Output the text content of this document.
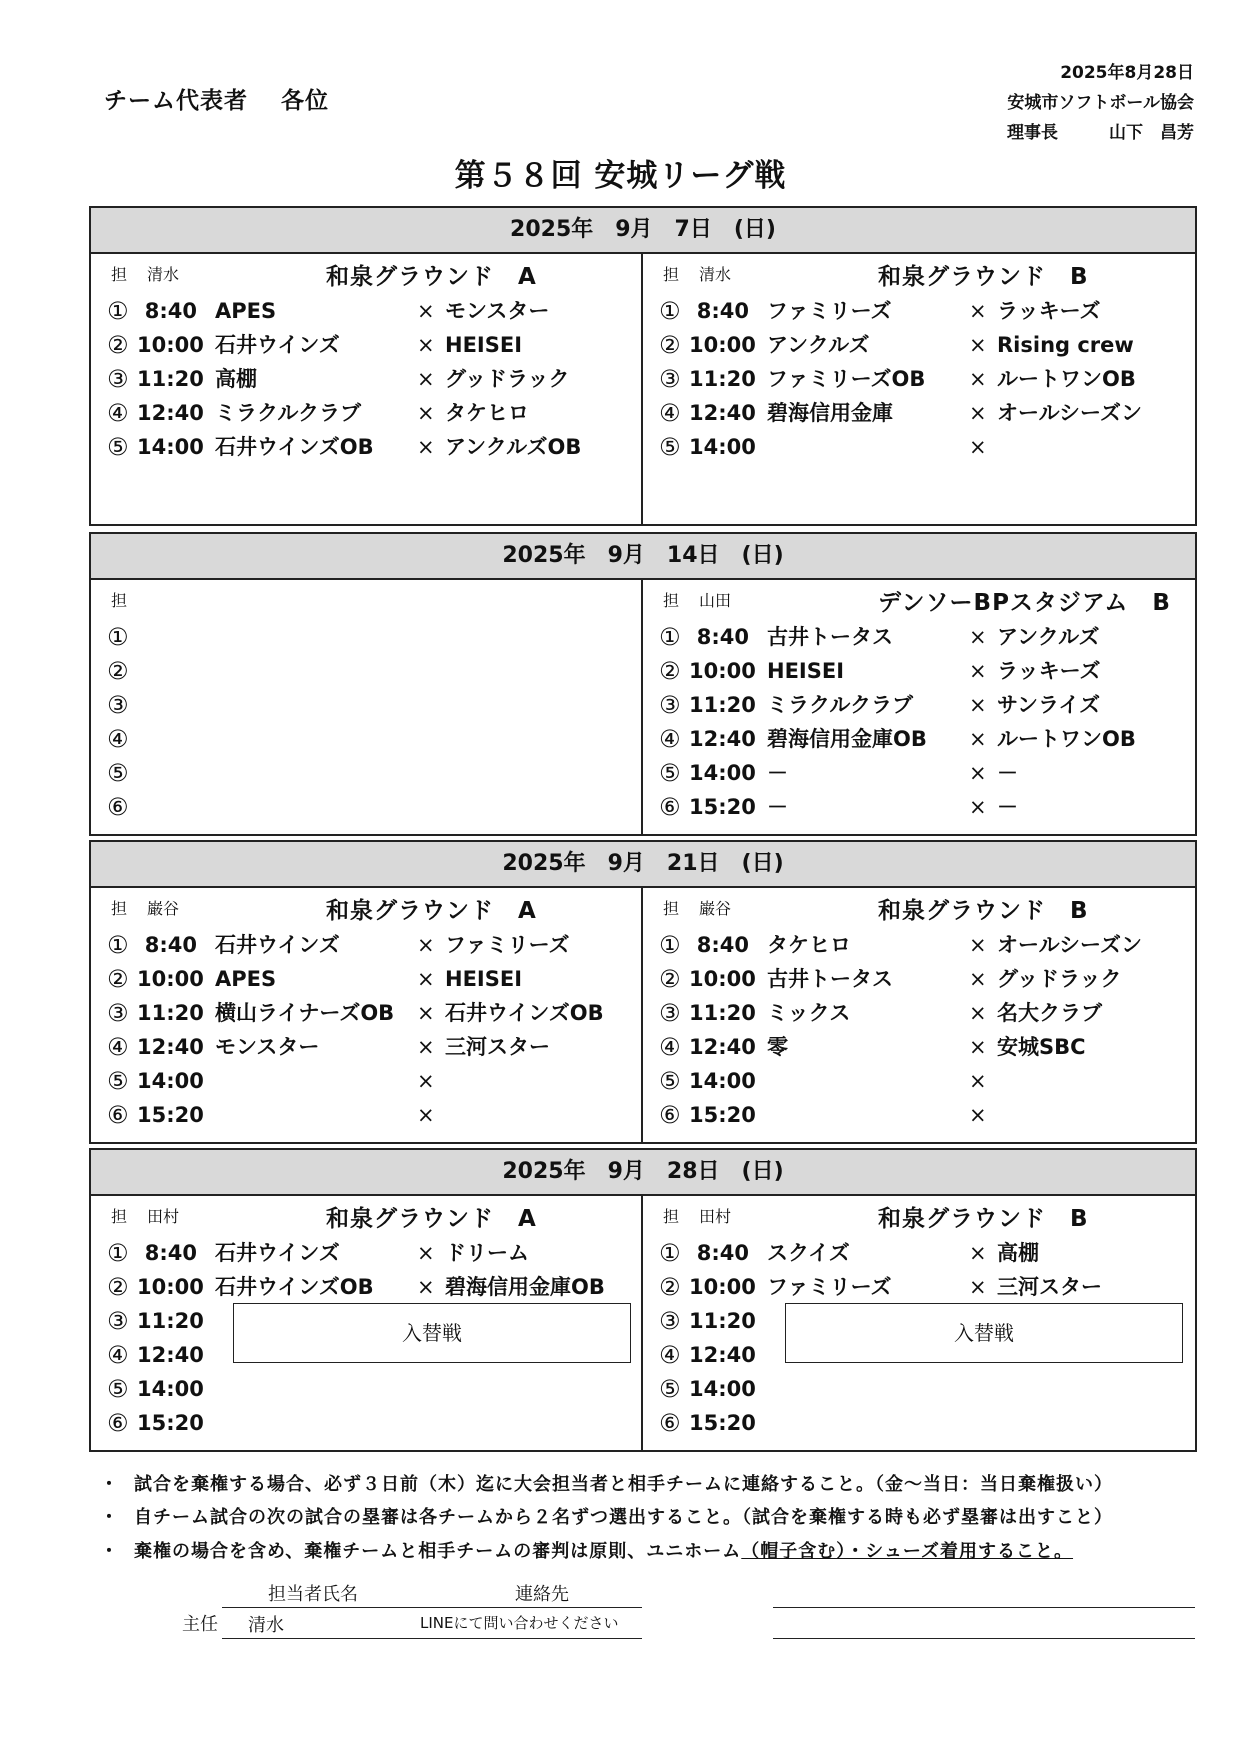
チーム代表者　 各位
2025年8月28日
安城市ソフトボール協会
理事長　　　山下　昌芳
第５８回 安城リーグ戦
2025年　9月　7日　(日)
担 清水	和泉グラウンド　A
① 8:40 APES	× モンスター
② 10:00 石井ウインズ	× HEISEI
③ 11:20 高棚	× グッドラック
④ 12:40 ミラクルクラブ	× タケヒロ
⑤ 14:00 石井ウインズOB	× アンクルズOB
担 清水	和泉グラウンド　B
① 8:40 ファミリーズ	× ラッキーズ
② 10:00 アンクルズ	× Rising crew
③ 11:20 ファミリーズOB	× ルートワンOB
④ 12:40 碧海信用金庫	× オールシーズン
⑤ 14:00	×
2025年　9月　14日　(日)
担
①
②
③
④
⑤
⑥
担 山田	デンソーBPスタジアム　B
① 8:40 古井トータス	× アンクルズ
② 10:00 HEISEI	× ラッキーズ
③ 11:20 ミラクルクラブ	× サンライズ
④ 12:40 碧海信用金庫OB	× ルートワンOB
⑤ 14:00 －	× －
⑥ 15:20 －	× －
2025年　9月　21日　(日)
担 巌谷	和泉グラウンド　A
① 8:40 石井ウインズ	× ファミリーズ
② 10:00 APES	× HEISEI
③ 11:20 横山ライナーズOB	× 石井ウインズOB
④ 12:40 モンスター	× 三河スター
⑤ 14:00	×
⑥ 15:20	×
担 巌谷	和泉グラウンド　B
① 8:40 タケヒロ	× オールシーズン
② 10:00 古井トータス	× グッドラック
③ 11:20 ミックス	× 名大クラブ
④ 12:40 零	× 安城SBC
⑤ 14:00	×
⑥ 15:20	×
2025年　9月　28日　(日)
担 田村	和泉グラウンド　A
① 8:40 石井ウインズ	× ドリーム
② 10:00 石井ウインズOB	× 碧海信用金庫OB
③ 11:20
④ 12:40
⑤ 14:00
⑥ 15:20
入替戦
担 田村	和泉グラウンド　B
① 8:40 スクイズ	× 高棚
② 10:00 ファミリーズ	× 三河スター
③ 11:20
④ 12:40
⑤ 14:00
⑥ 15:20
入替戦
・ 試合を棄権する場合、必ず３日前（木）迄に大会担当者と相手チームに連絡すること。（金～当日：当日棄権扱い）
・ 自チーム試合の次の試合の塁審は各チームから２名ずつ選出すること。（試合を棄権する時も必ず塁審は出すこと）
・ 棄権の場合を含め、棄権チームと相手チームの審判は原則、ユニホーム（帽子含む）・シューズ着用すること。
担当者氏名	連絡先
主任 清水	LINEにて問い合わせください
